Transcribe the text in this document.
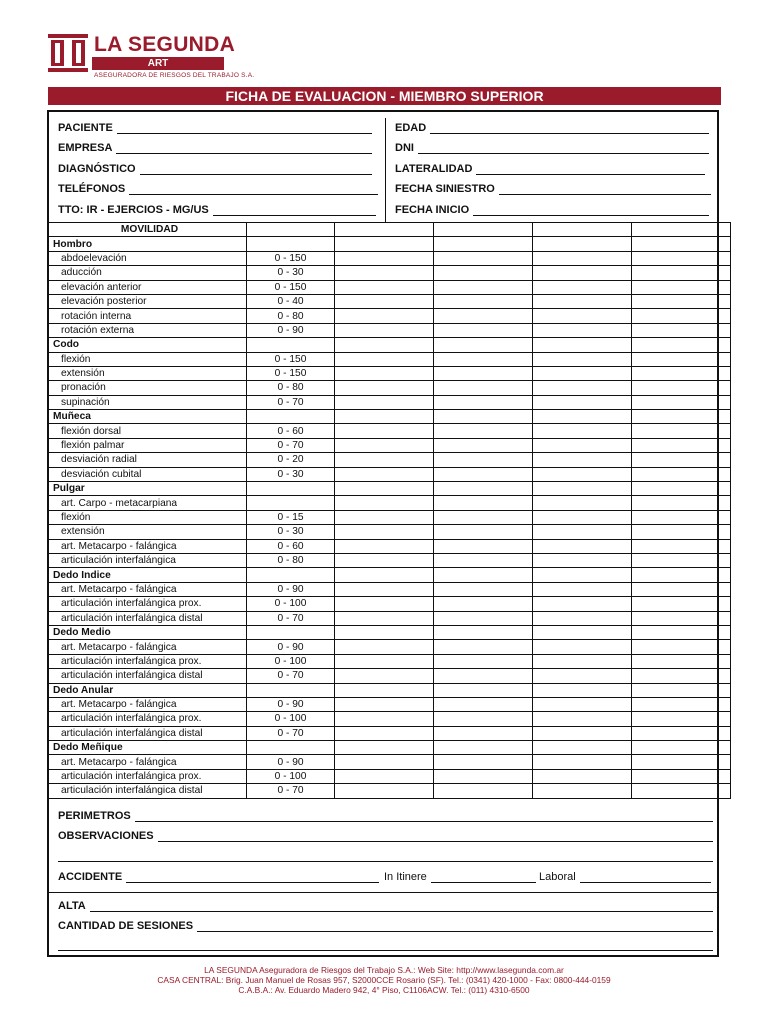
LA SEGUNDA
ART
ASEGURADORA DE RIESGOS DEL TRABAJO S.A.
FICHA DE EVALUACION - MIEMBRO SUPERIOR
PACIENTE
EMPRESA
DIAGNÓSTICO
TELÉFONOS
TTO: IR - EJERCIOS - MG/US
EDAD
DNI
LATERALIDAD
FECHA SINIESTRO
FECHA INICIO
MOVILIDAD					
Hombro					
abdoelevación	0 - 150				
aducción	0 - 30				
elevación anterior	0 - 150				
elevación posterior	0 - 40				
rotación interna	0 - 80				
rotación externa	0 - 90				
Codo					
flexión	0 - 150				
extensión	0 - 150				
pronación	0 - 80				
supinación	0 - 70				
Muñeca					
flexión dorsal	0 - 60				
flexión palmar	0 - 70				
desviación radial	0 - 20				
desviación cubital	0 - 30				
Pulgar					
art. Carpo - metacarpiana					
flexión	0 - 15				
extensión	0 - 30				
art. Metacarpo - falángica	0 - 60				
articulación interfalángica	0 - 80				
Dedo Indice					
art. Metacarpo - falángica	0 - 90				
articulación interfalángica prox.	0 - 100				
articulación interfalángica distal	0 - 70				
Dedo Medio					
art. Metacarpo - falángica	0 - 90				
articulación interfalángica prox.	0 - 100				
articulación interfalángica distal	0 - 70				
Dedo Anular					
art. Metacarpo - falángica	0 - 90				
articulación interfalángica prox.	0 - 100				
articulación interfalángica distal	0 - 70				
Dedo Meñique					
art. Metacarpo - falángica	0 - 90				
articulación interfalángica prox.	0 - 100				
articulación interfalángica distal	0 - 70				
PERIMETROS
OBSERVACIONES
ACCIDENTE	In Itinere	Laboral
ALTA
CANTIDAD DE SESIONES
LA SEGUNDA Aseguradora de Riesgos del Trabajo S.A.: Web Site: http://www.lasegunda.com.ar
CASA CENTRAL: Brig. Juan Manuel de Rosas 957, S2000CCE Rosario (SF). Tel.: (0341) 420-1000 - Fax: 0800-444-0159
C.A.B.A.: Av. Eduardo Madero 942, 4° Piso, C1106ACW. Tel.: (011) 4310-6500
